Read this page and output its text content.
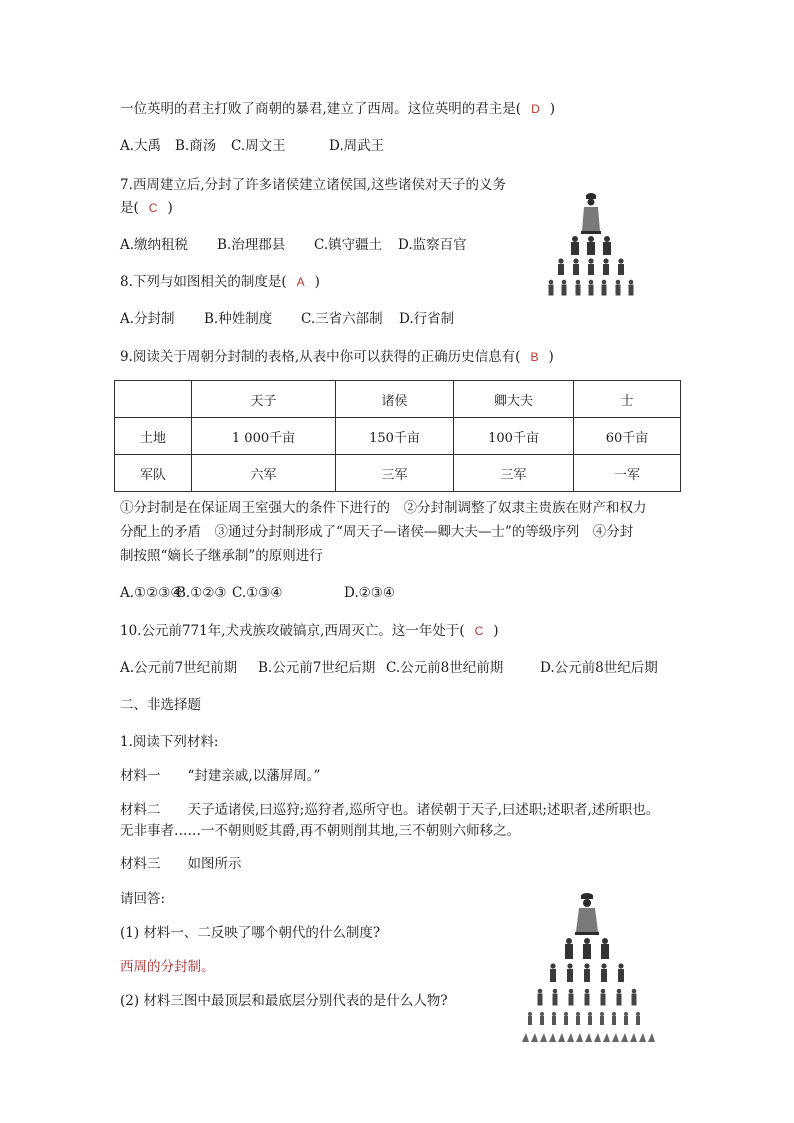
一位英明的君主打败了商朝的暴君,建立了西周。这位英明的君主是( D )
A.大禹 B.商汤 C.周文王	D.周武王
7.西周建立后,分封了许多诸侯建立诸侯国,这些诸侯对天子的义务
是( C )
A.缴纳租税 B.治理郡县 C.镇守疆土 D.监察百官
8.下列与如图相关的制度是( A )
A.分封制 B.种姓制度 C.三省六部制 D.行省制
9.阅读关于周朝分封制的表格,从表中你可以获得的正确历史信息有( B )
	天子	诸侯	卿大夫	士
土地	1 000千亩	150千亩	100千亩	60千亩
军队	六军	三军	三军	一军
①分封制是在保证周王室强大的条件下进行的　②分封制调整了奴隶主贵族在财产和权力
分配上的矛盾　③通过分封制形成了“周天子—诸侯—卿大夫—士”的等级序列　④分封
制按照“嫡长子继承制”的原则进行
A.①②③④B.①②③ C.①③④	D.②③④
10.公元前771年,犬戎族攻破镐京,西周灭亡。这一年处于( C )
A.公元前7世纪前期 B.公元前7世纪后期 C.公元前8世纪前期	D.公元前8世纪后期
二、非选择题
1.阅读下列材料:
材料一　　“封建亲戚,以藩屏周。”
材料二　　天子适诸侯,曰巡狩;巡狩者,巡所守也。诸侯朝于天子,曰述职;述职者,述所职也。
无非事者……一不朝则贬其爵,再不朝则削其地,三不朝则六师移之。
材料三　　如图所示
请回答:
(1) 材料一、二反映了哪个朝代的什么制度?
西周的分封制。
(2) 材料三图中最顶层和最底层分别代表的是什么人物?
